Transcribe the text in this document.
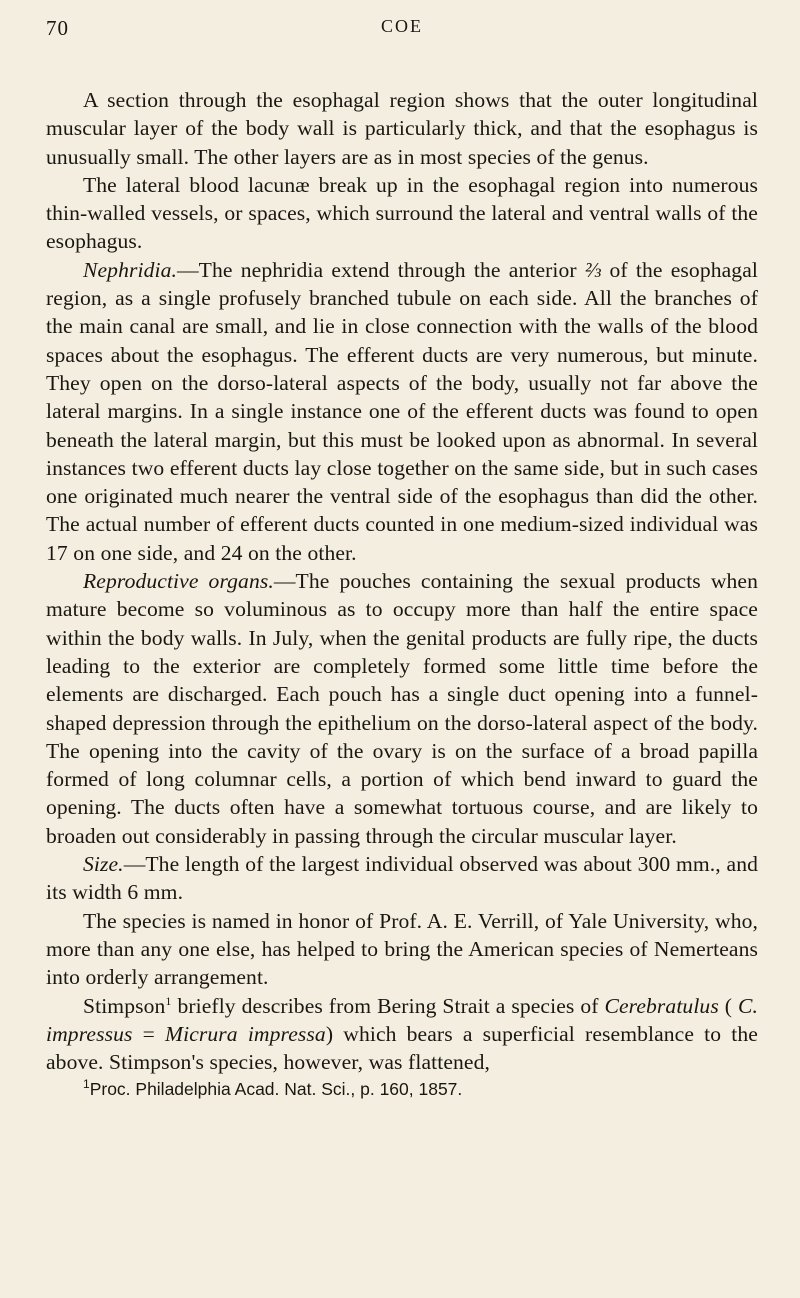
70	COE

A section through the esophagal region shows that the outer longitudinal muscular layer of the body wall is particularly thick, and that the esophagus is unusually small. The other layers are as in most species of the genus.

The lateral blood lacunæ break up in the esophagal region into numerous thin-walled vessels, or spaces, which surround the lateral and ventral walls of the esophagus.

Nephridia.—The nephridia extend through the anterior ⅔ of the esophagal region, as a single profusely branched tubule on each side. All the branches of the main canal are small, and lie in close connection with the walls of the blood spaces about the esophagus. The efferent ducts are very numerous, but minute. They open on the dorso-lateral aspects of the body, usually not far above the lateral margins. In a single instance one of the efferent ducts was found to open beneath the lateral margin, but this must be looked upon as abnormal. In several instances two efferent ducts lay close together on the same side, but in such cases one originated much nearer the ventral side of the esophagus than did the other. The actual number of efferent ducts counted in one medium-sized individual was 17 on one side, and 24 on the other.

Reproductive organs.—The pouches containing the sexual products when mature become so voluminous as to occupy more than half the entire space within the body walls. In July, when the genital products are fully ripe, the ducts leading to the exterior are completely formed some little time before the elements are discharged. Each pouch has a single duct opening into a funnel-shaped depression through the epithelium on the dorso-lateral aspect of the body. The opening into the cavity of the ovary is on the surface of a broad papilla formed of long columnar cells, a portion of which bend inward to guard the opening. The ducts often have a somewhat tortuous course, and are likely to broaden out considerably in passing through the circular muscular layer.

Size.—The length of the largest individual observed was about 300 mm., and its width 6 mm.

The species is named in honor of Prof. A. E. Verrill, of Yale University, who, more than any one else, has helped to bring the American species of Nemerteans into orderly arrangement.

Stimpson$^1$ briefly describes from Bering Strait a species of Cerebratulus ( C. impressus = Micrura impressa) which bears a superficial resemblance to the above. Stimpson's species, however, was flattened,

$^1$Proc. Philadelphia Acad. Nat. Sci., p. 160, 1857.
